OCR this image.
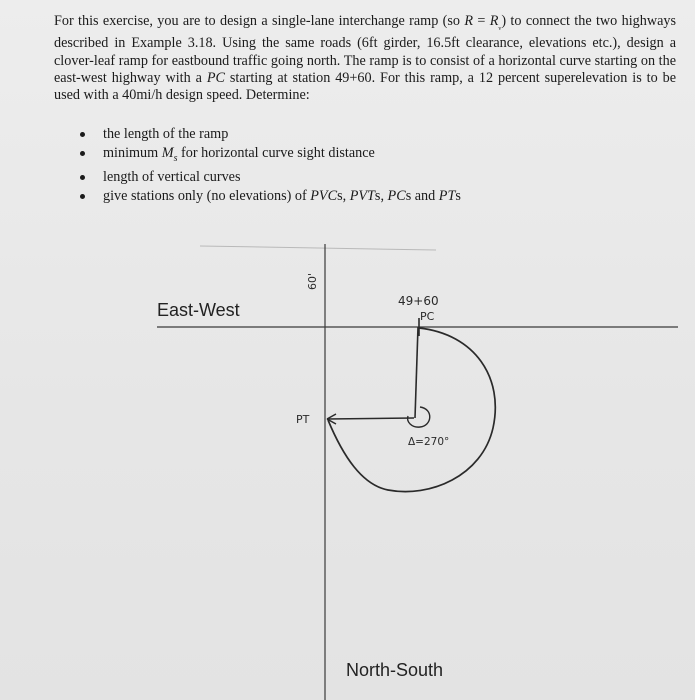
For this exercise, you are to design a single-lane interchange ramp (so $R = R_ᵥ$) to connect the two highways described in Example 3.18. Using the same roads (6ft girder, 16.5ft clearance, elevations etc.), design a clover-leaf ramp for eastbound traffic going north. The ramp is to consist of a horizontal curve starting on the east-west highway with a PC starting at station 49+60. For this ramp, a 12 percent superelevation is to be used with a 40mi/h design speed. Determine:

the length of the ramp
minimum $M_s$ for horizontal curve sight distance
length of vertical curves
give stations only (no elevations) of PVCs, PVTs, PCs and PTs
49+60
PC
PT
Δ=270°
60'
East-West
North-South
